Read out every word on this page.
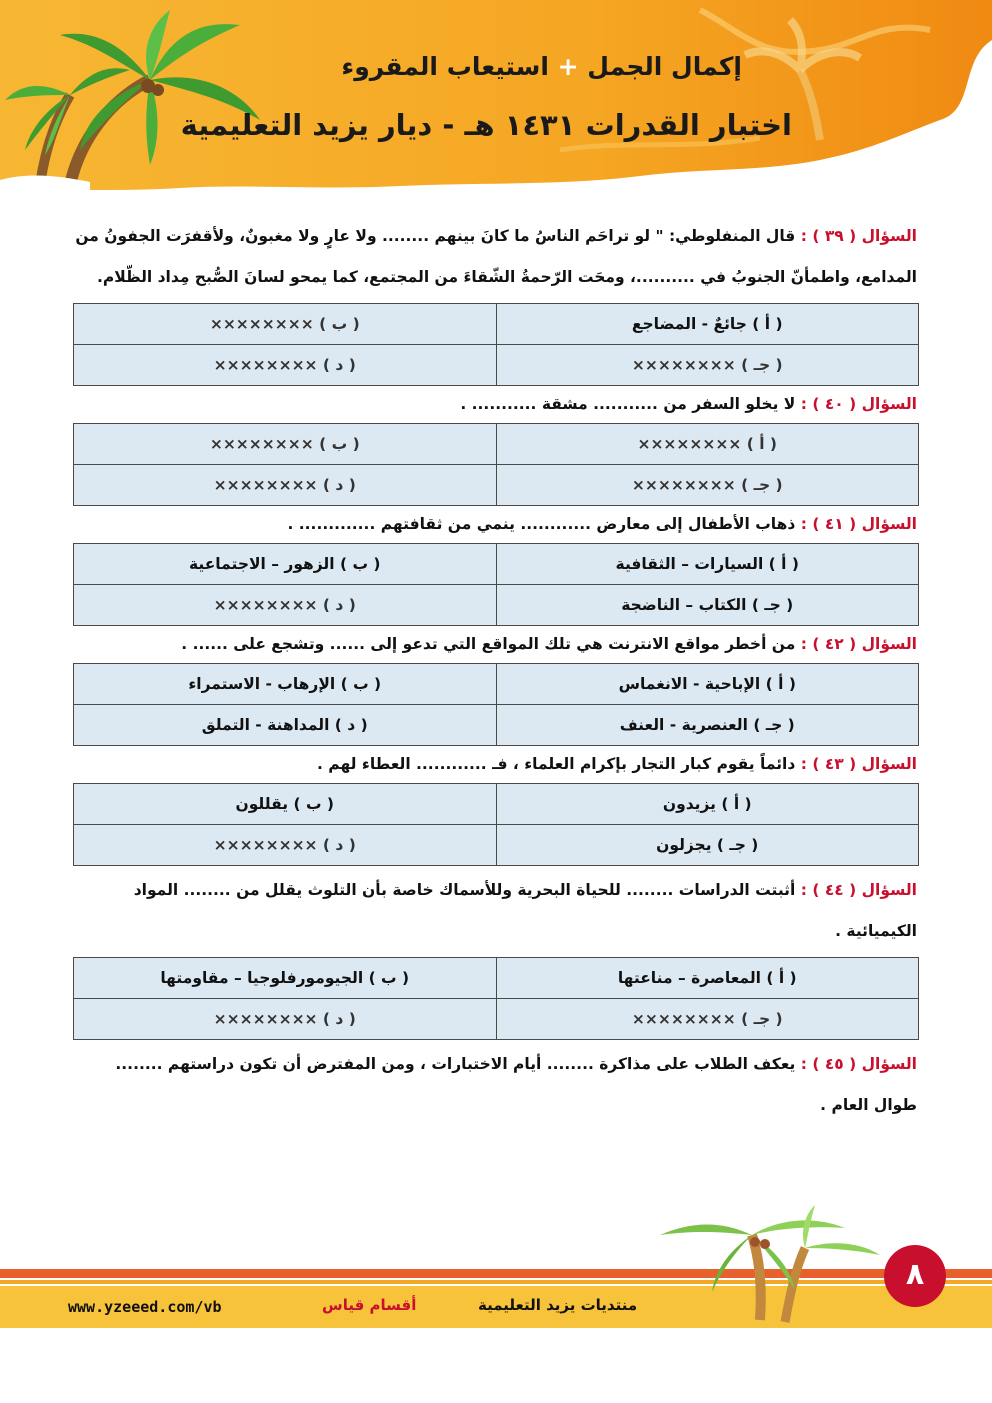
إكمال الجمل + استيعاب المقروء
اختبار القدرات ١٤٣١ هـ - ديار يزيد التعليمية
السؤال ( ٣٩ ) : قال المنفلوطي: " لو تراحَم الناسُ ما كانَ بينهم ........ ولا عارٍ ولا مغبونٌ، ولأقفرَت الجفونُ من المدامع، واطمأنّ الجنوبُ في ..........، ومحَت الرّحمةُ الشّقاءَ من المجتمع، كما يمحو لسانَ الصُّبح مِداد الظّلام.
( أ ) جائعٌ - المضاجع	( ب ) ××××××××
( جـ ) ××××××××	( د ) ××××××××
السؤال ( ٤٠ ) : لا يخلو السفر من ........... مشقة ........... .
( أ ) ××××××××	( ب ) ××××××××
( جـ ) ××××××××	( د ) ××××××××
السؤال ( ٤١ ) : ذهاب الأطفال إلى معارض ............ ينمي من ثقافتهم ............. .
( أ ) السيارات – الثقافية	( ب ) الزهور – الاجتماعية
( جـ ) الكتاب – الناضجة	( د ) ××××××××
السؤال ( ٤٢ ) : من أخطر مواقع الانترنت هي تلك المواقع التي تدعو إلى ...... وتشجع على ...... .
( أ ) الإباحية - الانغماس	( ب ) الإرهاب - الاستمراء
( جـ ) العنصرية - العنف	( د ) المداهنة - التملق
السؤال ( ٤٣ ) : دائماً يقوم كبار التجار بإكرام العلماء ، فـ ............ العطاء لهم .
( أ ) يزيدون	( ب ) يقللون
( جـ ) يجزلون	( د ) ××××××××
السؤال ( ٤٤ ) : أثبتت الدراسات ........ للحياة البحرية وللأسماك خاصة بأن التلوث يقلل من ........ المواد الكيميائية .
( أ ) المعاصرة – مناعتها	( ب ) الجيومورفلوجيا – مقاومتها
( جـ ) ××××××××	( د ) ××××××××
السؤال ( ٤٥ ) : يعكف الطلاب على مذاكرة ........ أيام الاختبارات ، ومن المفترض أن تكون دراستهم ........ طوال العام .
٨
www.yzeeed.com/vb	أقسام قياس	منتديات يزيد التعليمية
